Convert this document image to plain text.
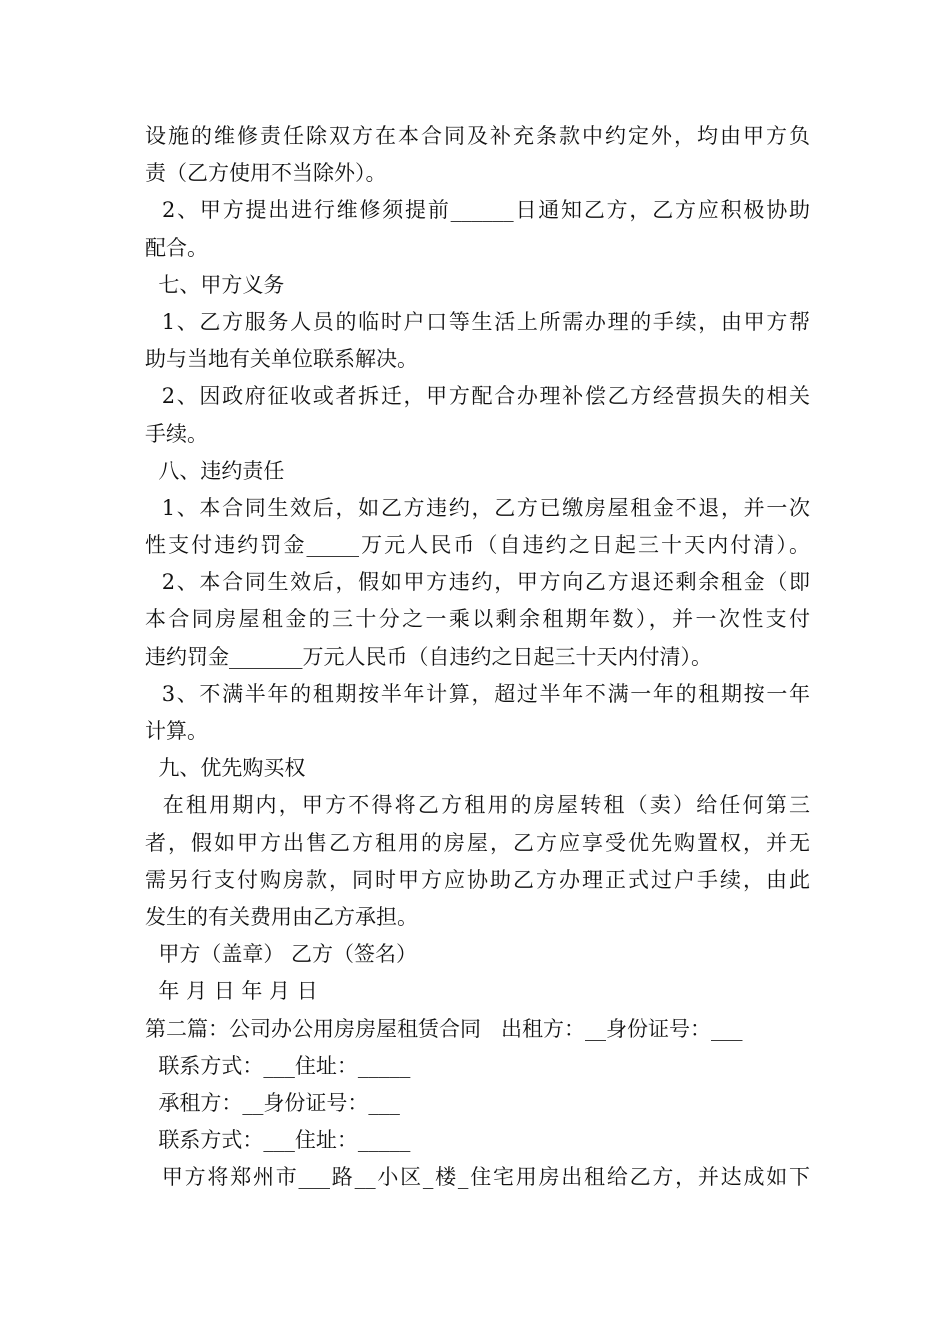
设施的维修责任除双方在本合同及补充条款中约定外，均由甲方负
责（乙方使用不当除外）。
2、甲方提出进行维修须提前______日通知乙方，乙方应积极协助
配合。
七、甲方义务
1、乙方服务人员的临时户口等生活上所需办理的手续，由甲方帮
助与当地有关单位联系解决。
2、因政府征收或者拆迁，甲方配合办理补偿乙方经营损失的相关
手续。
八、违约责任
1、本合同生效后，如乙方违约，乙方已缴房屋租金不退，并一次
性支付违约罚金_____万元人民币（自违约之日起三十天内付清）。
2、本合同生效后，假如甲方违约，甲方向乙方退还剩余租金（即
本合同房屋租金的三十分之一乘以剩余租期年数），并一次性支付
违约罚金_______万元人民币（自违约之日起三十天内付清）。
3、不满半年的租期按半年计算，超过半年不满一年的租期按一年
计算。
九、优先购买权
在租用期内，甲方不得将乙方租用的房屋转租（卖）给任何第三
者，假如甲方出售乙方租用的房屋，乙方应享受优先购置权，并无
需另行支付购房款，同时甲方应协助乙方办理正式过户手续，由此
发生的有关费用由乙方承担。
甲方（盖章） 乙方（签名）
年 月 日 年 月 日
第二篇：公司办公用房房屋租赁合同   出租方：__身份证号：___
联系方式：___住址：_____
承租方：__身份证号：___
联系方式：___住址：_____
甲方将郑州市___路__小区_楼_住宅用房出租给乙方，并达成如下
